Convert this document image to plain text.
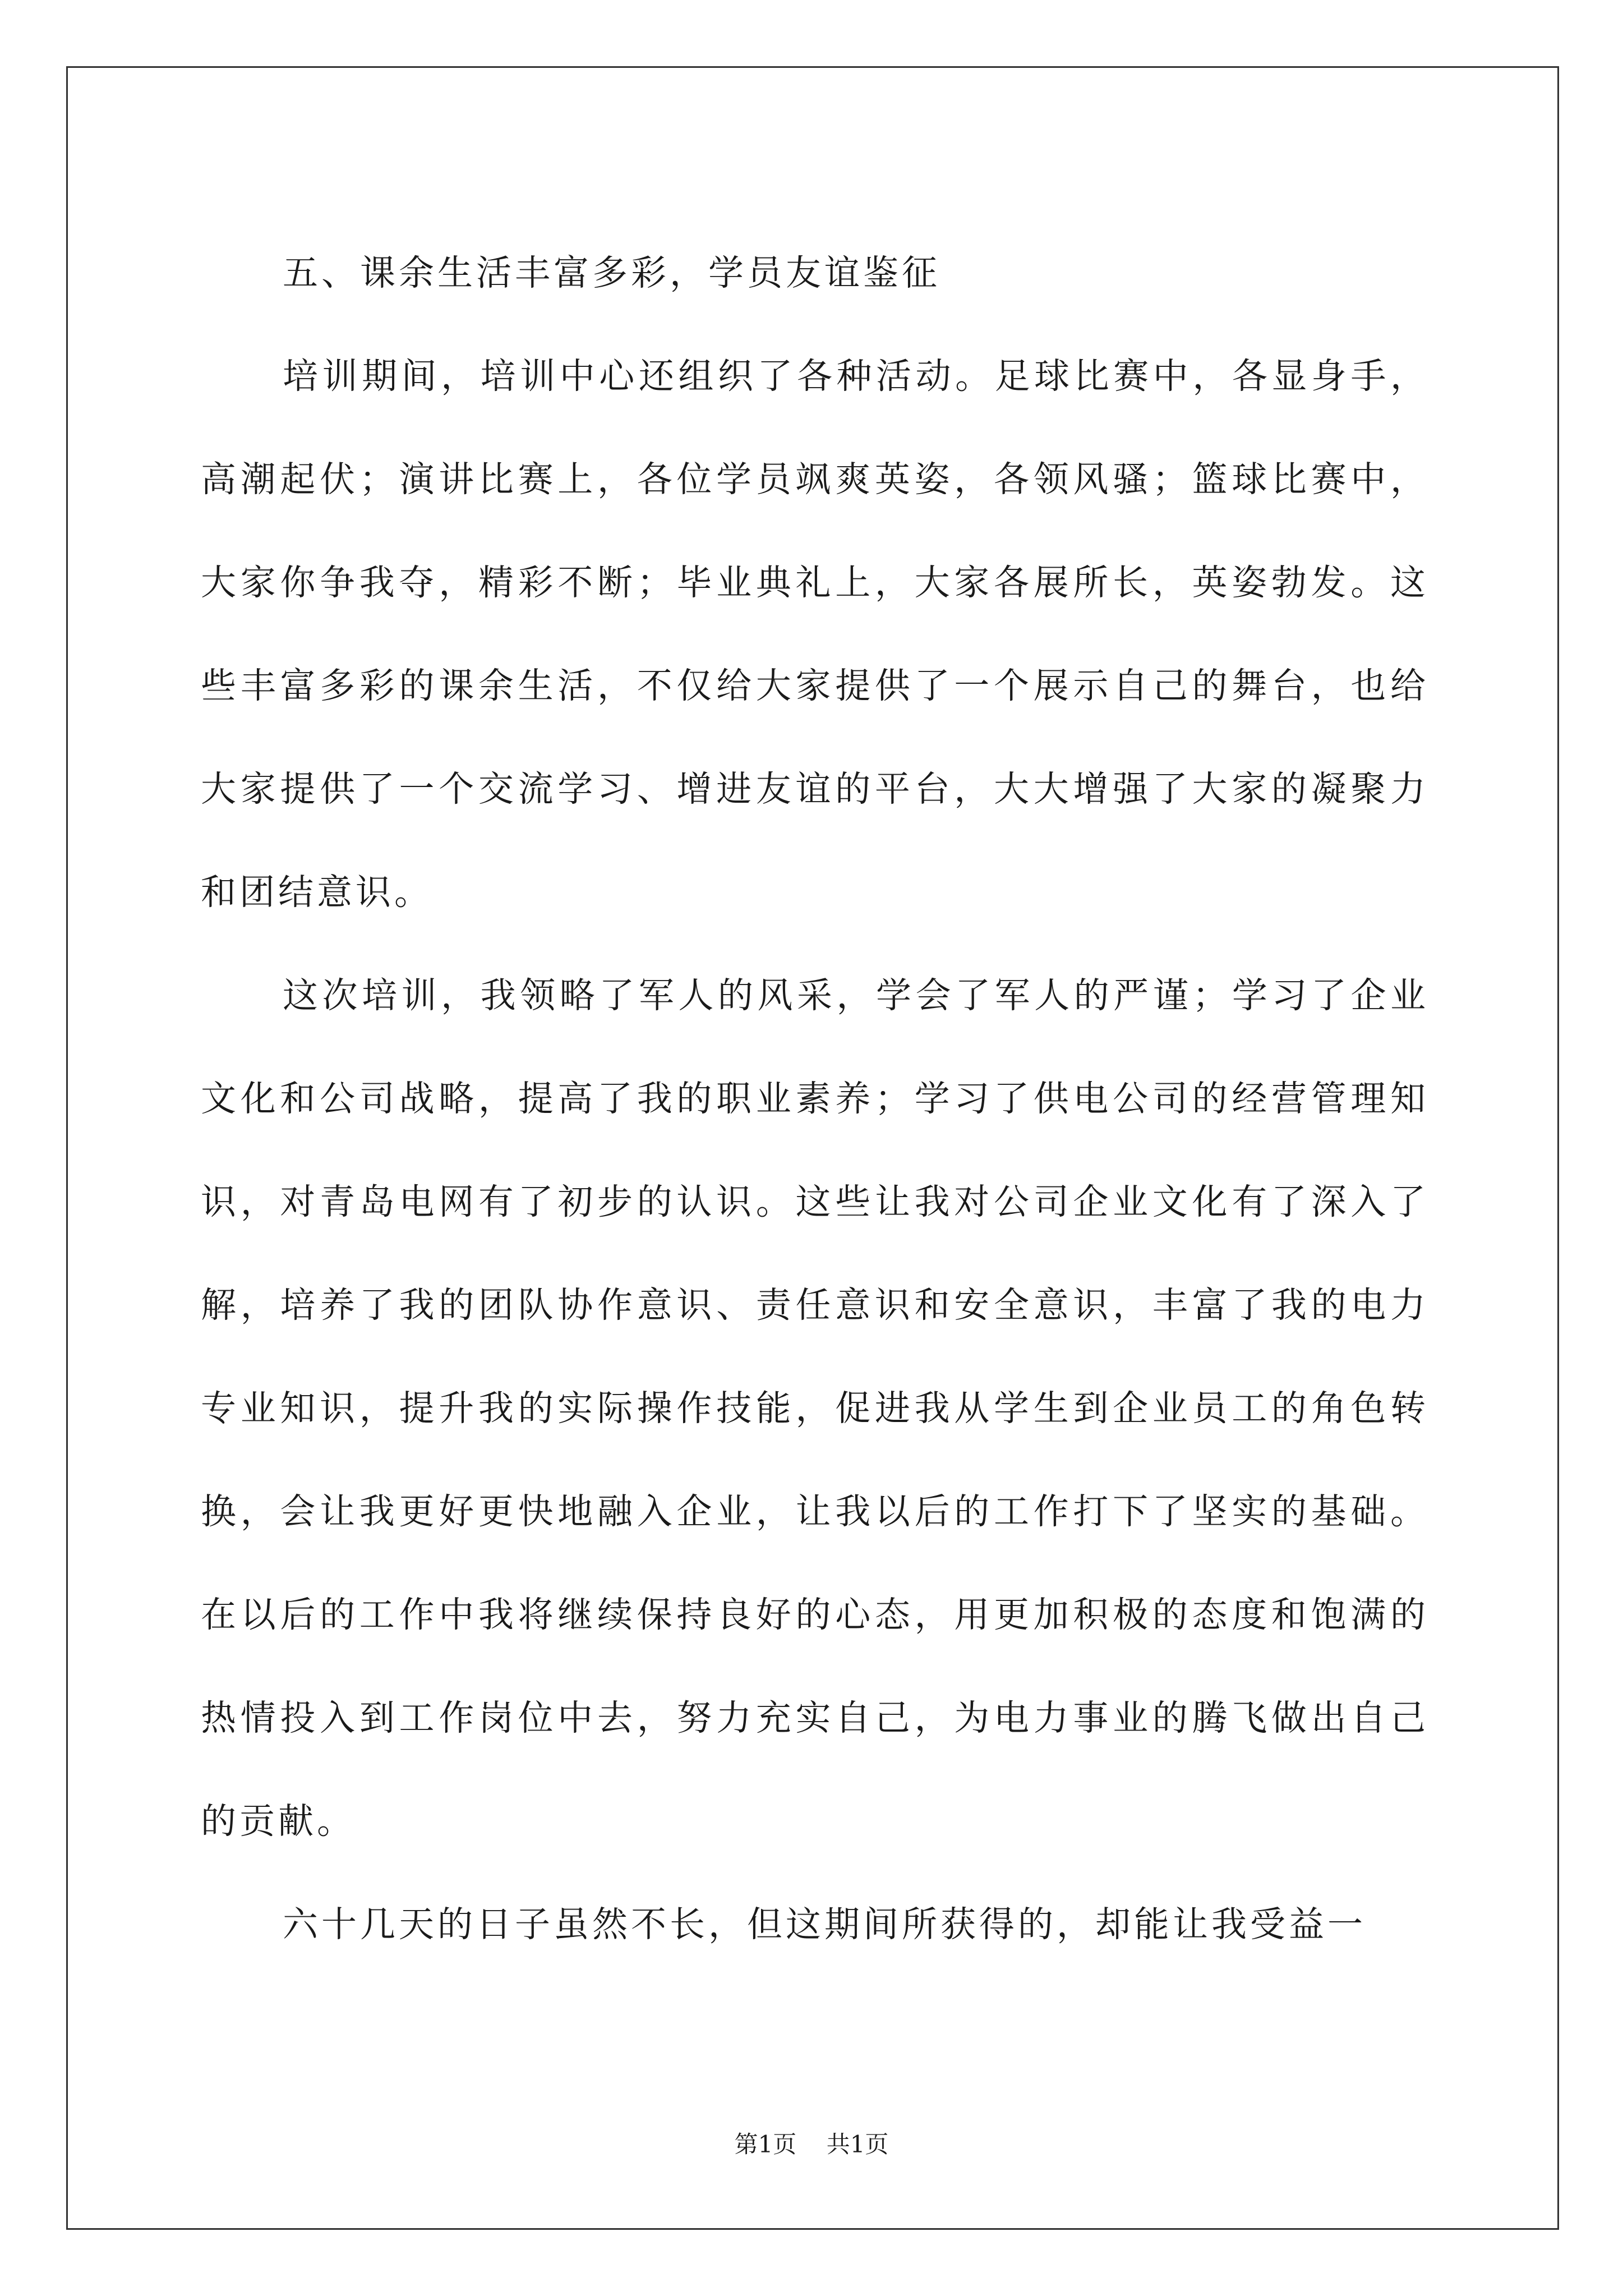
五、课余生活丰富多彩，学员友谊鉴征

培训期间，培训中心还组织了各种活动。足球比赛中，各显身手，高潮起伏；演讲比赛上，各位学员飒爽英姿，各领风骚；篮球比赛中，大家你争我夺，精彩不断；毕业典礼上，大家各展所长，英姿勃发。这些丰富多彩的课余生活，不仅给大家提供了一个展示自己的舞台，也给大家提供了一个交流学习、增进友谊的平台，大大增强了大家的凝聚力和团结意识。

这次培训，我领略了军人的风采，学会了军人的严谨；学习了企业文化和公司战略，提高了我的职业素养；学习了供电公司的经营管理知识，对青岛电网有了初步的认识。这些让我对公司企业文化有了深入了解，培养了我的团队协作意识、责任意识和安全意识，丰富了我的电力专业知识，提升我的实际操作技能，促进我从学生到企业员工的角色转换，会让我更好更快地融入企业，让我以后的工作打下了坚实的基础。在以后的工作中我将继续保持良好的心态，用更加积极的态度和饱满的热情投入到工作岗位中去，努力充实自己，为电力事业的腾飞做出自己的贡献。

六十几天的日子虽然不长，但这期间所获得的，却能让我受益一

第1页 共1页
